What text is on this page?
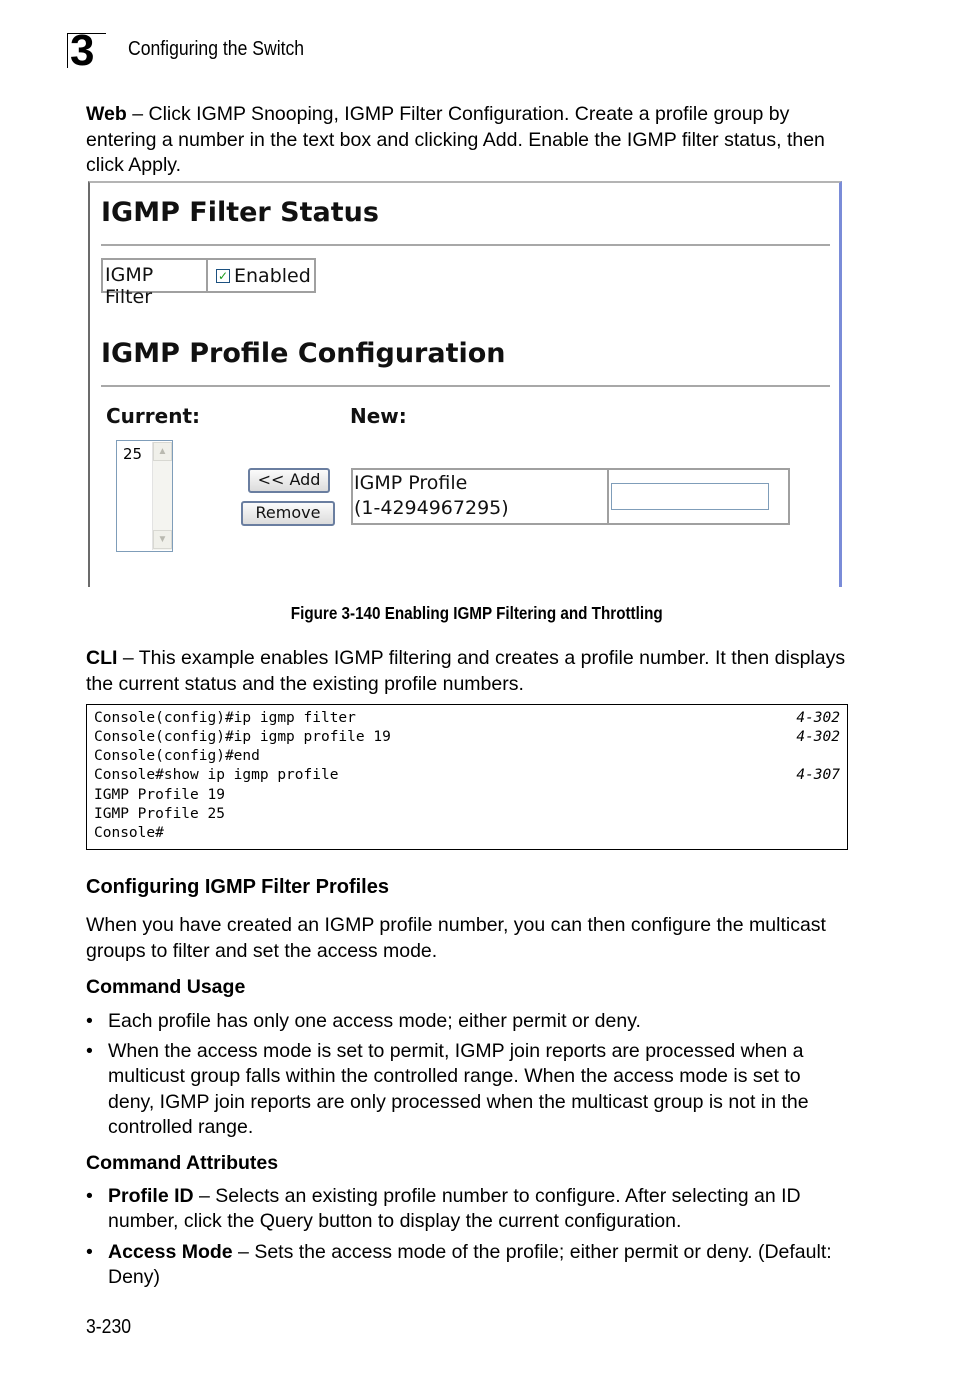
3 Configuring the Switch

Web – Click IGMP Snooping, IGMP Filter Configuration. Create a profile group by entering a number in the text box and clicking Add. Enable the IGMP filter status, then click Apply.

IGMP Filter Status
IGMP Filter
✓ Enabled
IGMP Profile Configuration
Current:	New:
25	▲
▼
<< Add
Remove
IGMP Profile
(1-4294967295)
Figure 3-140 Enabling IGMP Filtering and Throttling

CLI – This example enables IGMP filtering and creates a profile number. It then displays the current status and the existing profile numbers.

Console(config)#ip igmp filter	4-302
Console(config)#ip igmp profile 19	4-302
Console(config)#end
Console#show ip igmp profile	4-307
IGMP Profile 19
IGMP Profile 25
Console#
Configuring IGMP Filter Profiles

When you have created an IGMP profile number, you can then configure the multicast groups to filter and set the access mode.

Command Usage
• Each profile has only one access mode; either permit or deny.
• When the access mode is set to permit, IGMP join reports are processed when a multicust group falls within the controlled range. When the access mode is set to deny, IGMP join reports are only processed when the multicast group is not in the controlled range.
Command Attributes
• Profile ID – Selects an existing profile number to configure. After selecting an ID number, click the Query button to display the current configuration.
• Access Mode – Sets the access mode of the profile; either permit or deny. (Default: Deny)
3-230
